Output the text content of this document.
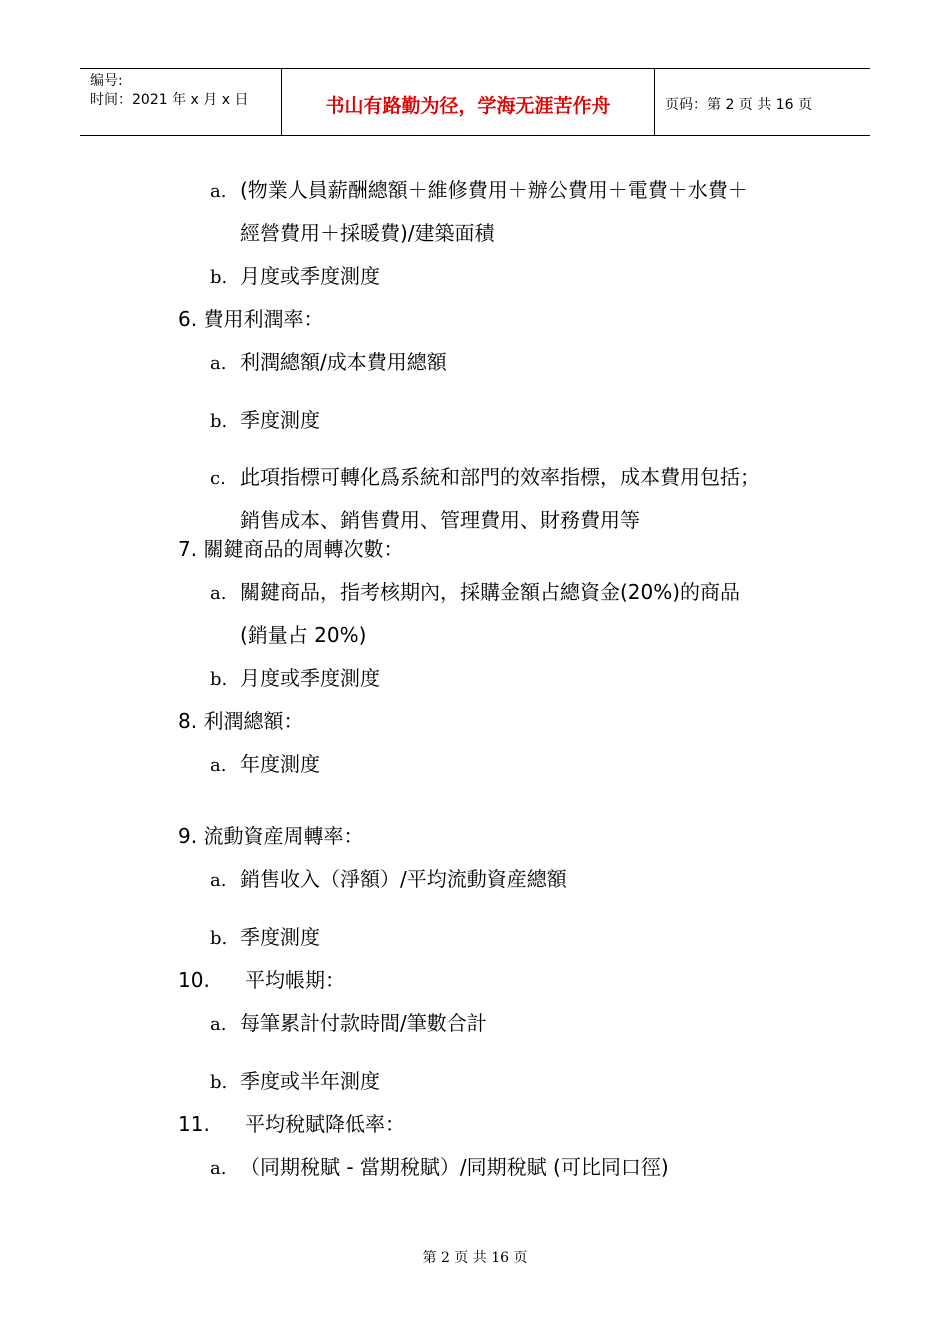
编号:
时间：2021 年 x 月 x 日	书山有路勤为径，学海无涯苦作舟	页码：第 2 页 共 16 页
a. (物業人員薪酬總額＋維修費用＋辦公費用＋電費＋水費＋
經營費用＋採暖費)/建築面積
b. 月度或季度測度
6. 費用利潤率：
a. 利潤總額/成本費用總額
b. 季度測度
c. 此項指標可轉化爲系統和部門的效率指標，成本費用包括；
銷售成本、銷售費用、管理費用、財務費用等
7. 關鍵商品的周轉次數：
a. 關鍵商品，指考核期內，採購金額占總資金(20%)的商品
(銷量占 20%)
b. 月度或季度測度
8. 利潤總額：
a. 年度測度
9. 流動資産周轉率：
a. 銷售收入（淨額）/平均流動資産總額
b. 季度測度
10. 平均帳期：
a. 每筆累計付款時間/筆數合計
b. 季度或半年測度
11. 平均稅賦降低率：
a. （同期稅賦 - 當期稅賦）/同期稅賦 (可比同口徑)
第 2 页 共 16 页
